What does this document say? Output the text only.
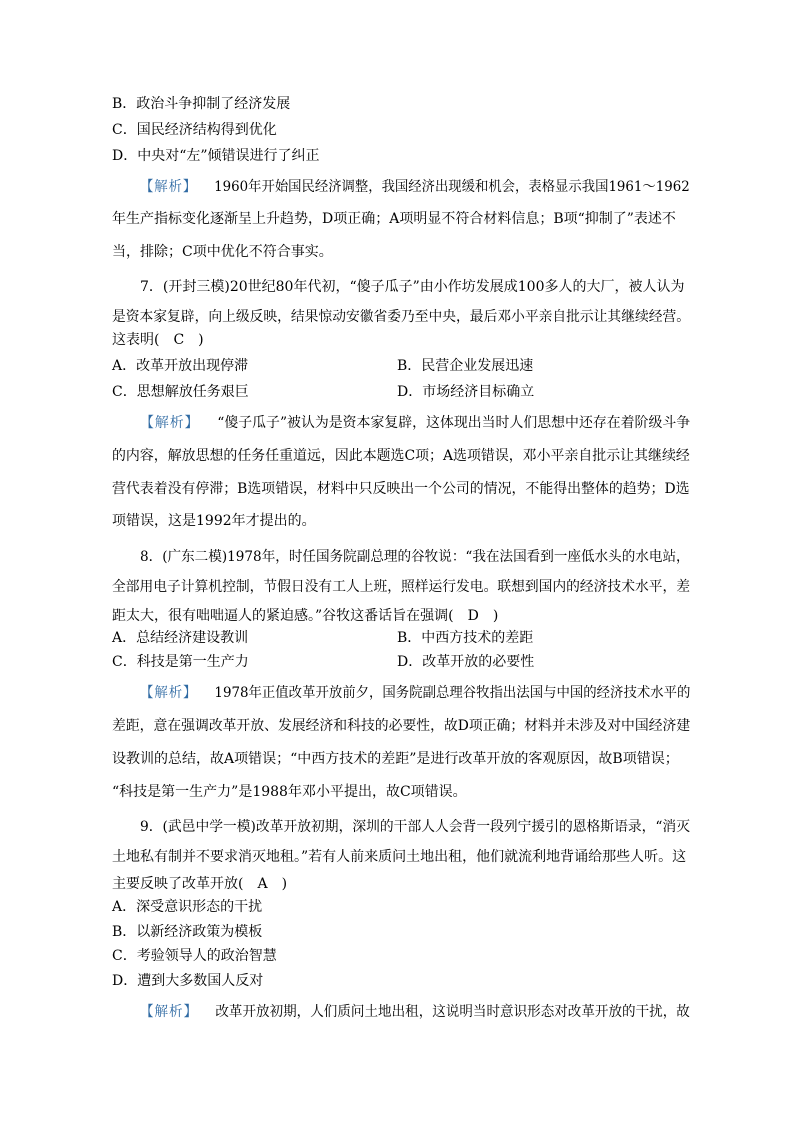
B．政治斗争抑制了经济发展
C．国民经济结构得到优化
D．中央对“左”倾错误进行了纠正
【解析】 1960年开始国民经济调整，我国经济出现缓和机会，表格显示我国1961～1962
年生产指标变化逐渐呈上升趋势，D项正确；A项明显不符合材料信息；B项“抑制了”表述不
当，排除；C项中优化不符合事实。
7．(开封三模)20世纪80年代初，“傻子瓜子”由小作坊发展成100多人的大厂，被人认为
是资本家复辟，向上级反映，结果惊动安徽省委乃至中央，最后邓小平亲自批示让其继续经营。
这表明(　C　)
A．改革开放出现停滞	B．民营企业发展迅速
C．思想解放任务艰巨	D．市场经济目标确立
【解析】 “傻子瓜子”被认为是资本家复辟，这体现出当时人们思想中还存在着阶级斗争
的内容，解放思想的任务任重道远，因此本题选C项；A选项错误，邓小平亲自批示让其继续经
营代表着没有停滞；B选项错误，材料中只反映出一个公司的情况，不能得出整体的趋势；D选
项错误，这是1992年才提出的。
8．(广东二模)1978年，时任国务院副总理的谷牧说：“我在法国看到一座低水头的水电站，
全部用电子计算机控制，节假日没有工人上班，照样运行发电。联想到国内的经济技术水平，差
距太大，很有咄咄逼人的紧迫感。”谷牧这番话旨在强调(　D　)
A．总结经济建设教训	B．中西方技术的差距
C．科技是第一生产力	D．改革开放的必要性
【解析】 1978年正值改革开放前夕，国务院副总理谷牧指出法国与中国的经济技术水平的
差距，意在强调改革开放、发展经济和科技的必要性，故D项正确；材料并未涉及对中国经济建
设教训的总结，故A项错误；“中西方技术的差距”是进行改革开放的客观原因，故B项错误；
“科技是第一生产力”是1988年邓小平提出，故C项错误。
9．(武邑中学一模)改革开放初期，深圳的干部人人会背一段列宁援引的恩格斯语录，“消灭
土地私有制并不要求消灭地租。”若有人前来质问土地出租，他们就流利地背诵给那些人听。这
主要反映了改革开放(　A　)
A．深受意识形态的干扰
B．以新经济政策为模板
C．考验领导人的政治智慧
D．遭到大多数国人反对
【解析】 改革开放初期，人们质问土地出租，这说明当时意识形态对改革开放的干扰，故
